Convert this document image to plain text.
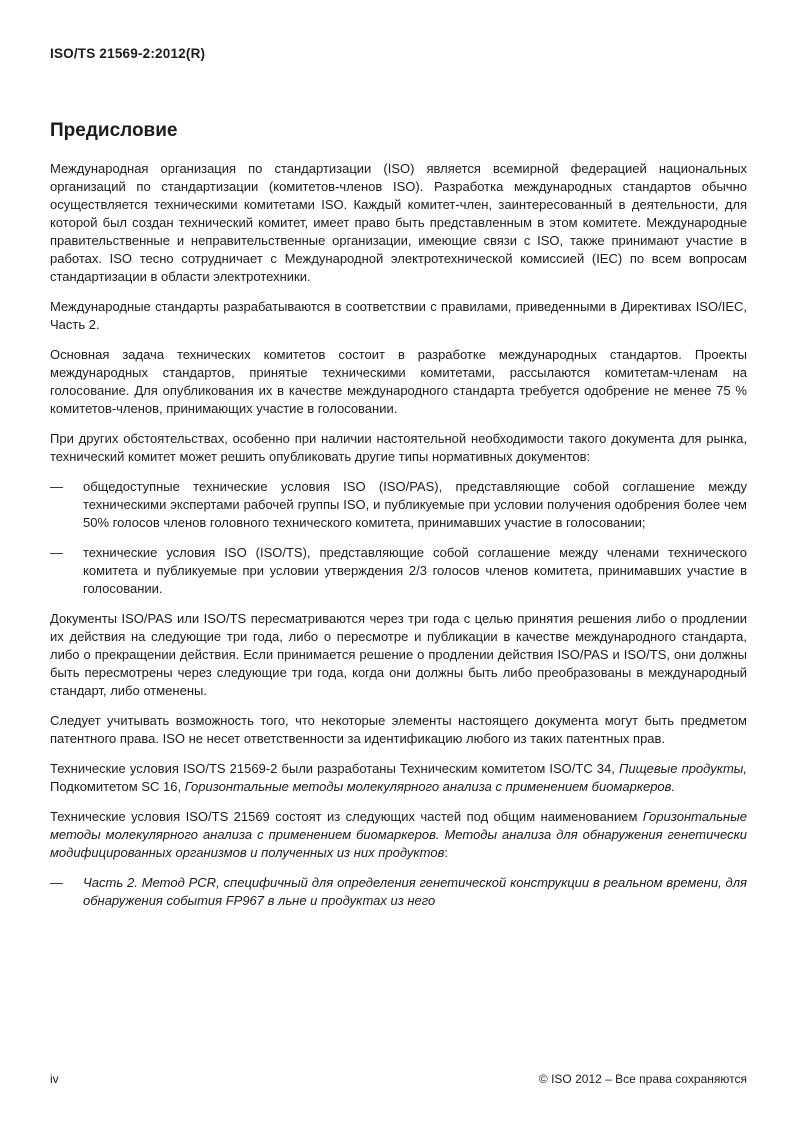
ISO/TS 21569-2:2012(R)
Предисловие

Международная организация по стандартизации (ISO) является всемирной федерацией национальных организаций по стандартизации (комитетов-членов ISO). Разработка международных стандартов обычно осуществляется техническими комитетами ISO. Каждый комитет-член, заинтересованный в деятельности, для которой был создан технический комитет, имеет право быть представленным в этом комитете. Международные правительственные и неправительственные организации, имеющие связи с ISO, также принимают участие в работах. ISO тесно сотрудничает с Международной электротехнической комиссией (IEC) по всем вопросам стандартизации в области электротехники.

Международные стандарты разрабатываются в соответствии с правилами, приведенными в Директивах ISO/IEC, Часть 2.

Основная задача технических комитетов состоит в разработке международных стандартов. Проекты международных стандартов, принятые техническими комитетами, рассылаются комитетам-членам на голосование. Для опубликования их в качестве международного стандарта требуется одобрение не менее 75 % комитетов-членов, принимающих участие в голосовании.

При других обстоятельствах, особенно при наличии настоятельной необходимости такого документа для рынка, технический комитет может решить опубликовать другие типы нормативных документов:

—	общедоступные технические условия ISO (ISO/PAS), представляющие собой соглашение между техническими экспертами рабочей группы ISO, и публикуемые при условии получения одобрения более чем 50% голосов членов головного технического комитета, принимавших участие в голосовании;
—	технические условия ISO (ISO/TS), представляющие собой соглашение между членами технического комитета и публикуемые при условии утверждения 2/3 голосов членов комитета, принимавших участие в голосовании.

Документы ISO/PAS или ISO/TS пересматриваются через три года с целью принятия решения либо о продлении их действия на следующие три года, либо о пересмотре и публикации в качестве международного стандарта, либо о прекращении действия. Если принимается решение о продлении действия ISO/PAS и ISO/TS, они должны быть пересмотрены через следующие три года, когда они должны быть либо преобразованы в международный стандарт, либо отменены.

Следует учитывать возможность того, что некоторые элементы настоящего документа могут быть предметом патентного права. ISO не несет ответственности за идентификацию любого из таких патентных прав.

Технические условия ISO/TS 21569-2 были разработаны Техническим комитетом ISO/TC 34, Пищевые продукты, Подкомитетом SC 16, Горизонтальные методы молекулярного анализа с применением биомаркеров.

Технические условия ISO/TS 21569 состоят из следующих частей под общим наименованием Горизонтальные методы молекулярного анализа с применением биомаркеров. Методы анализа для обнаружения генетически модифицированных организмов и полученных из них продуктов:

—	Часть 2. Метод PCR, специфичный для определения генетической конструкции в реальном времени, для обнаружения события FP967 в льне и продуктах из него
iv	© ISO 2012 – Все права сохраняются
